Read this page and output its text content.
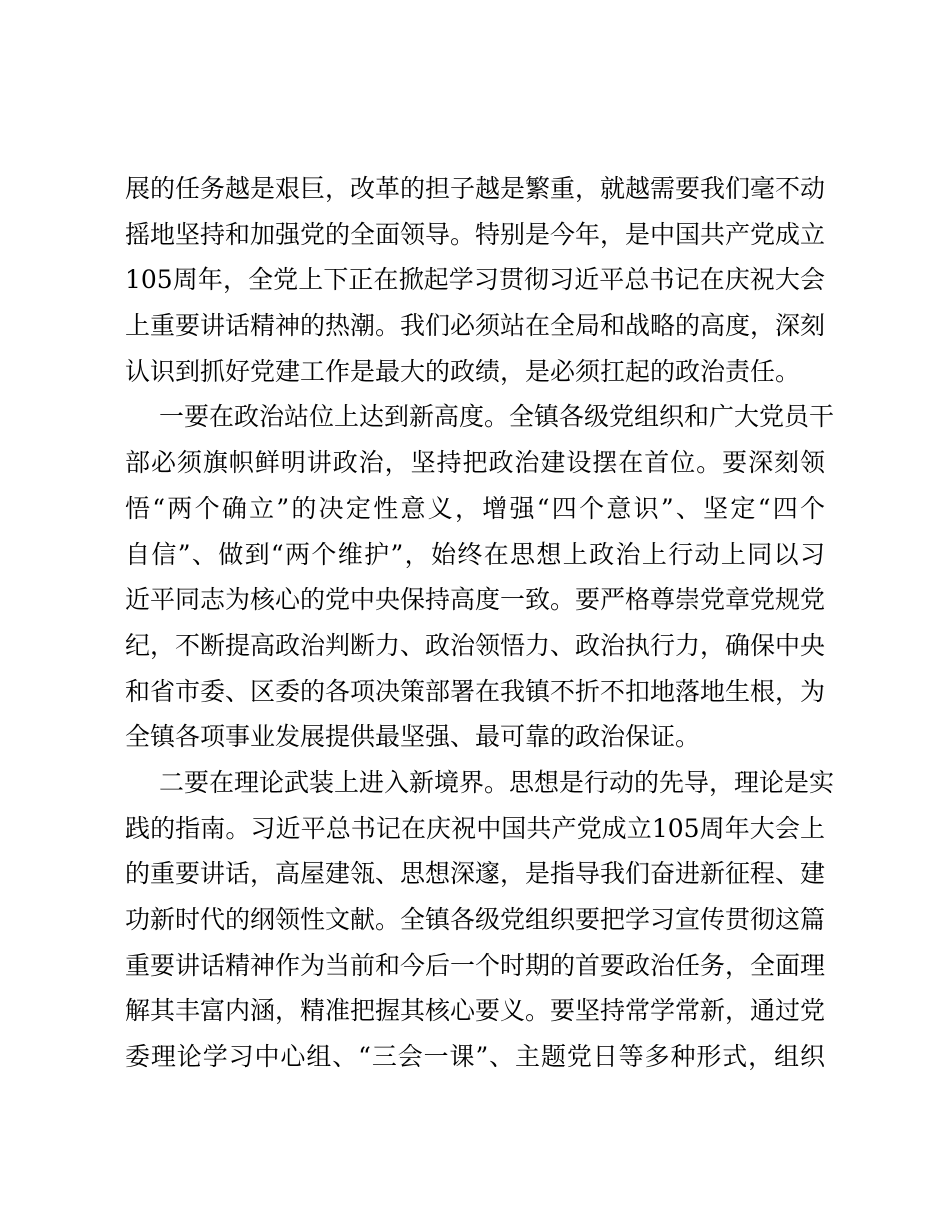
展的任务越是艰巨，改革的担子越是繁重，就越需要我们毫不动
摇地坚持和加强党的全面领导。特别是今年，是中国共产党成立
105周年，全党上下正在掀起学习贯彻习近平总书记在庆祝大会
上重要讲话精神的热潮。我们必须站在全局和战略的高度，深刻
认识到抓好党建工作是最大的政绩，是必须扛起的政治责任。
一要在政治站位上达到新高度。全镇各级党组织和广大党员干
部必须旗帜鲜明讲政治，坚持把政治建设摆在首位。要深刻领
悟“两个确立”的决定性意义，增强“四个意识”、坚定“四个
自信”、做到“两个维护”，始终在思想上政治上行动上同以习
近平同志为核心的党中央保持高度一致。要严格尊崇党章党规党
纪，不断提高政治判断力、政治领悟力、政治执行力，确保中央
和省市委、区委的各项决策部署在我镇不折不扣地落地生根，为
全镇各项事业发展提供最坚强、最可靠的政治保证。
二要在理论武装上进入新境界。思想是行动的先导，理论是实
践的指南。习近平总书记在庆祝中国共产党成立105周年大会上
的重要讲话，高屋建瓴、思想深邃，是指导我们奋进新征程、建
功新时代的纲领性文献。全镇各级党组织要把学习宣传贯彻这篇
重要讲话精神作为当前和今后一个时期的首要政治任务，全面理
解其丰富内涵，精准把握其核心要义。要坚持常学常新，通过党
委理论学习中心组、“三会一课”、主题党日等多种形式，组织
